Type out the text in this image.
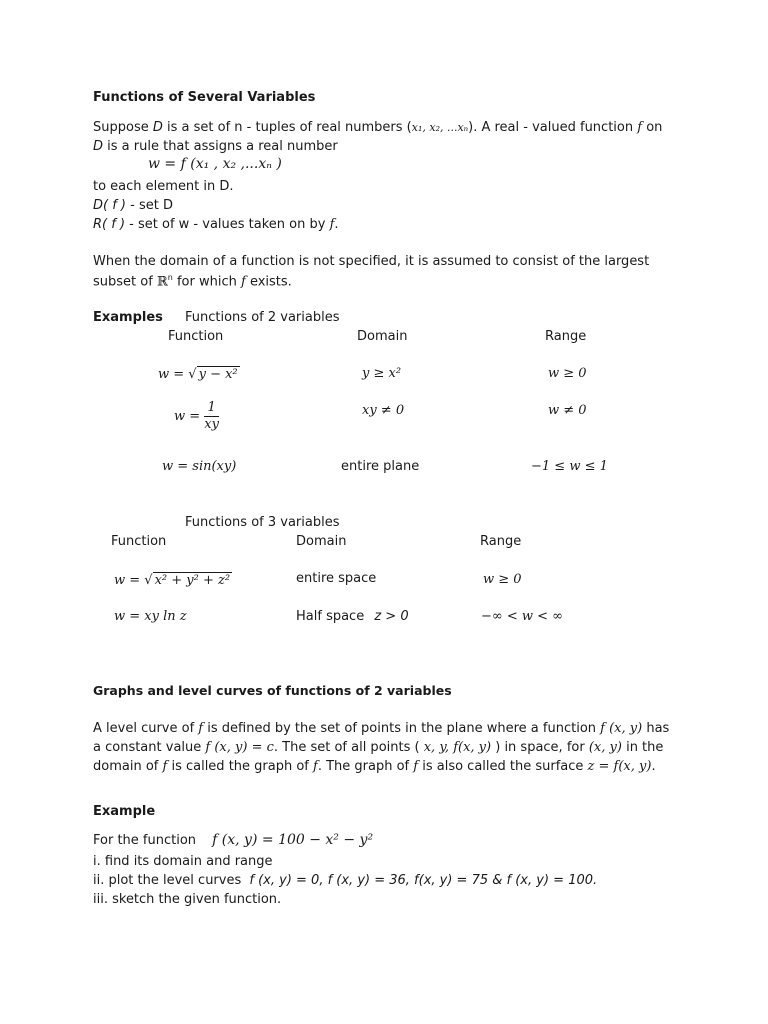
Functions of Several Variables
Suppose D is a set of n - tuples of real numbers (x₁, x₂, ...xₙ). A real - valued function f on
D is a rule that assigns a real number
w = f (x₁ , x₂ ,...xₙ )
to each element in D.
D( f ) - set D
R( f ) - set of w - values taken on by f.
When the domain of a function is not specified, it is assumed to consist of the largest
subset of ℝ$^n$ for which f exists.
Examples Functions of 2 variables
Function	Domain	Range
w = √ y − x²	y ≥ x²	w ≥ 0
$w = \frac{1}{xy}$	xy ≠ 0	w ≠ 0
w = sin(xy)	entire plane	−1 ≤ w ≤ 1
Functions of 3 variables
Function	Domain	Range
w = √ x² + y² + z²	entire space	w ≥ 0
w = xy ln z	Half space z > 0	−∞ < w < ∞
Graphs and level curves of functions of 2 variables
A level curve of f is defined by the set of points in the plane where a function f (x, y) has
a constant value f (x, y) = c. The set of all points ( x, y, f(x, y) ) in space, for (x, y) in the
domain of f is called the graph of f. The graph of f is also called the surface z = f(x, y).
Example
For the function f (x, y) = 100 − x² − y²
i. find its domain and range
ii. plot the level curves f (x, y) = 0, f (x, y) = 36, f(x, y) = 75 & f (x, y) = 100.
iii. sketch the given function.
